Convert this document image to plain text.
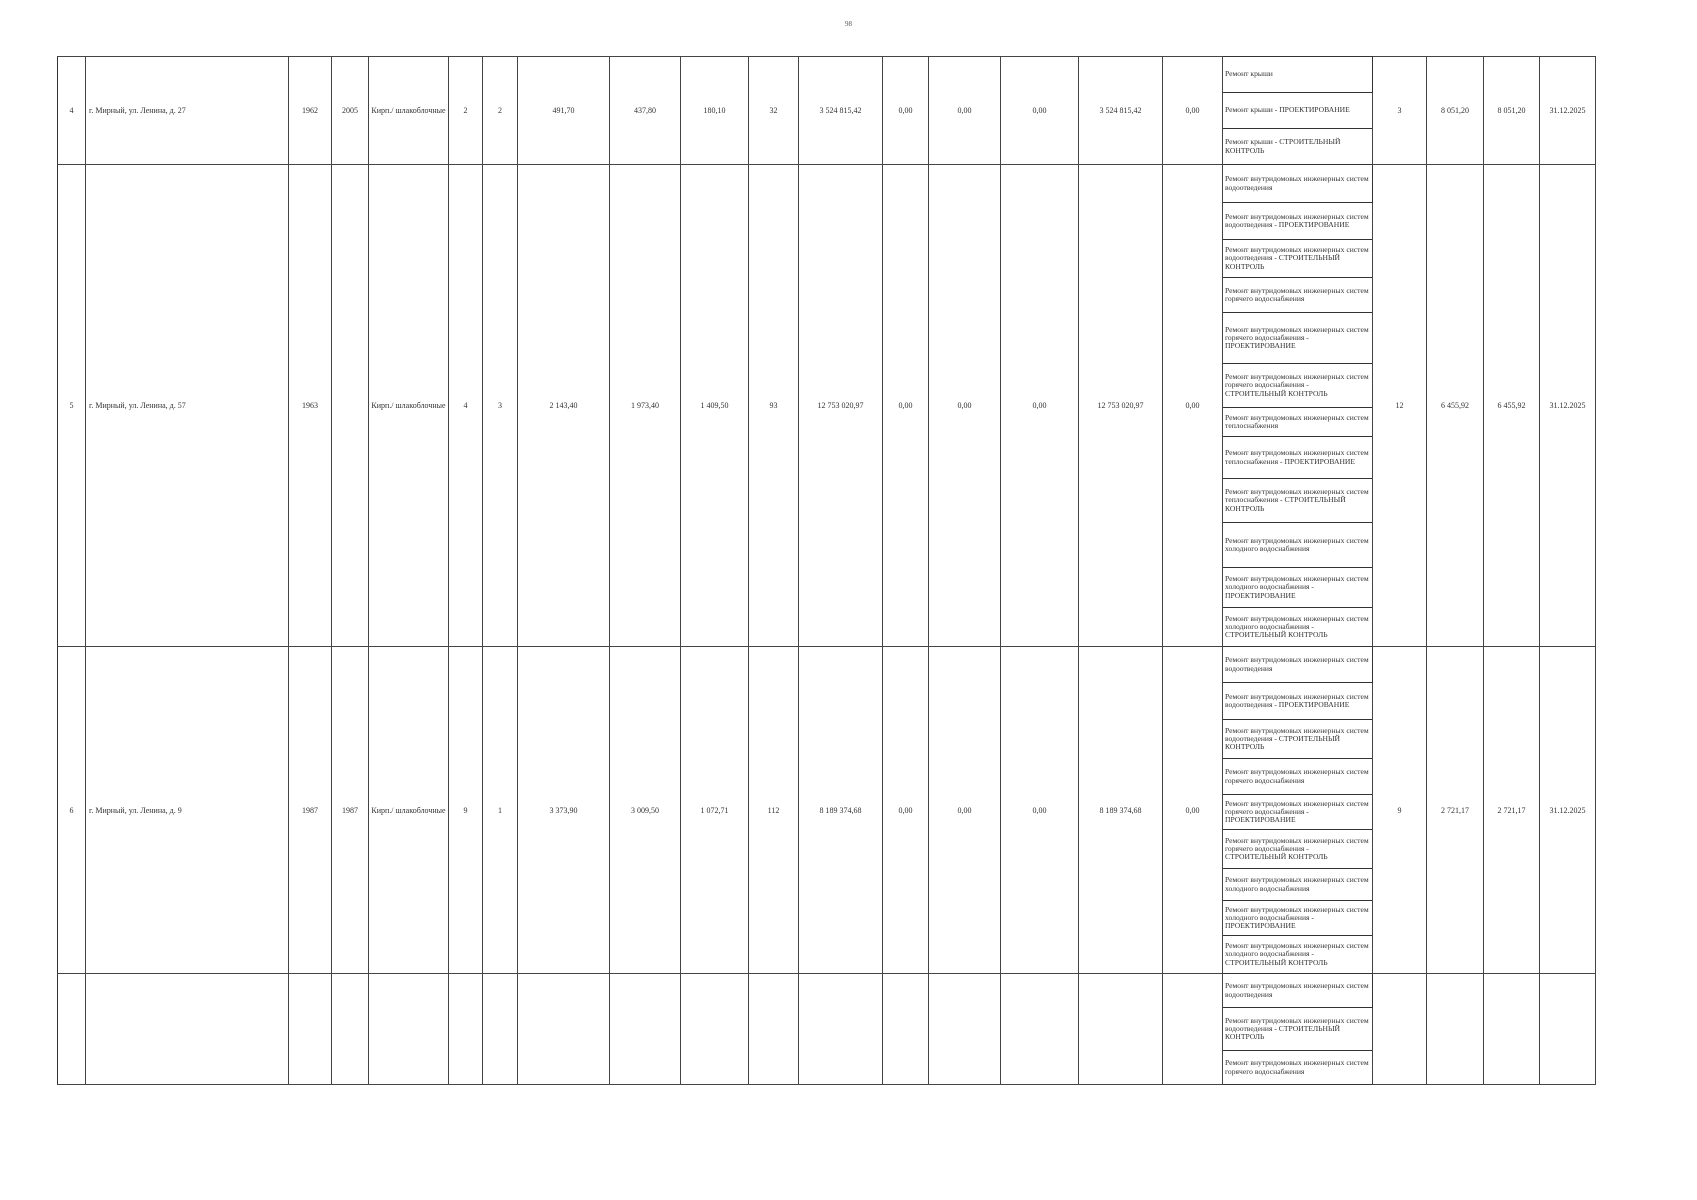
98
4	г. Мирный, ул. Ленина, д. 27	1962	2005	Кирп./ шлакоблочные	2	2	491,70	437,80	180,10	32	3 524 815,42	0,00	0,00	0,00	3 524 815,42	0,00	Ремонт крыши	3	8 051,20	8 051,20	31.12.2025
																	Ремонт крыши - ПРОЕКТИРОВАНИЕ				
																	Ремонт крыши - СТРОИТЕЛЬНЫЙ КОНТРОЛЬ				
5	г. Мирный, ул. Ленина, д. 57	1963		Кирп./ шлакоблочные	4	3	2 143,40	1 973,40	1 409,50	93	12 753 020,97	0,00	0,00	0,00	12 753 020,97	0,00	Ремонт внутридомовых инженерных систем водоотведения	12	6 455,92	6 455,92	31.12.2025
																	Ремонт внутридомовых инженерных систем водоотведения - ПРОЕКТИРОВАНИЕ				
																	Ремонт внутридомовых инженерных систем водоотведения - СТРОИТЕЛЬНЫЙ КОНТРОЛЬ				
																	Ремонт внутридомовых инженерных систем горячего водоснабжения				
																	Ремонт внутридомовых инженерных систем горячего водоснабжения - ПРОЕКТИРОВАНИЕ				
																	Ремонт внутридомовых инженерных систем горячего водоснабжения - СТРОИТЕЛЬНЫЙ КОНТРОЛЬ				
																	Ремонт внутридомовых инженерных систем теплоснабжения				
																	Ремонт внутридомовых инженерных систем теплоснабжения - ПРОЕКТИРОВАНИЕ				
																	Ремонт внутридомовых инженерных систем теплоснабжения - СТРОИТЕЛЬНЫЙ КОНТРОЛЬ				
																	Ремонт внутридомовых инженерных систем холодного водоснабжения				
																	Ремонт внутридомовых инженерных систем холодного водоснабжения - ПРОЕКТИРОВАНИЕ				
																	Ремонт внутридомовых инженерных систем холодного водоснабжения - СТРОИТЕЛЬНЫЙ КОНТРОЛЬ				
6	г. Мирный, ул. Ленина, д. 9	1987	1987	Кирп./ шлакоблочные	9	1	3 373,90	3 009,50	1 072,71	112	8 189 374,68	0,00	0,00	0,00	8 189 374,68	0,00	Ремонт внутридомовых инженерных систем водоотведения	9	2 721,17	2 721,17	31.12.2025
																	Ремонт внутридомовых инженерных систем водоотведения - ПРОЕКТИРОВАНИЕ				
																	Ремонт внутридомовых инженерных систем водоотведения - СТРОИТЕЛЬНЫЙ КОНТРОЛЬ				
																	Ремонт внутридомовых инженерных систем горячего водоснабжения				
																	Ремонт внутридомовых инженерных систем горячего водоснабжения - ПРОЕКТИРОВАНИЕ				
																	Ремонт внутридомовых инженерных систем горячего водоснабжения - СТРОИТЕЛЬНЫЙ КОНТРОЛЬ				
																	Ремонт внутридомовых инженерных систем холодного водоснабжения				
																	Ремонт внутридомовых инженерных систем холодного водоснабжения - ПРОЕКТИРОВАНИЕ				
																	Ремонт внутридомовых инженерных систем холодного водоснабжения - СТРОИТЕЛЬНЫЙ КОНТРОЛЬ				
																	Ремонт внутридомовых инженерных систем водоотведения				
																	Ремонт внутридомовых инженерных систем водоотведения - СТРОИТЕЛЬНЫЙ КОНТРОЛЬ				
																	Ремонт внутридомовых инженерных систем горячего водоснабжения				
